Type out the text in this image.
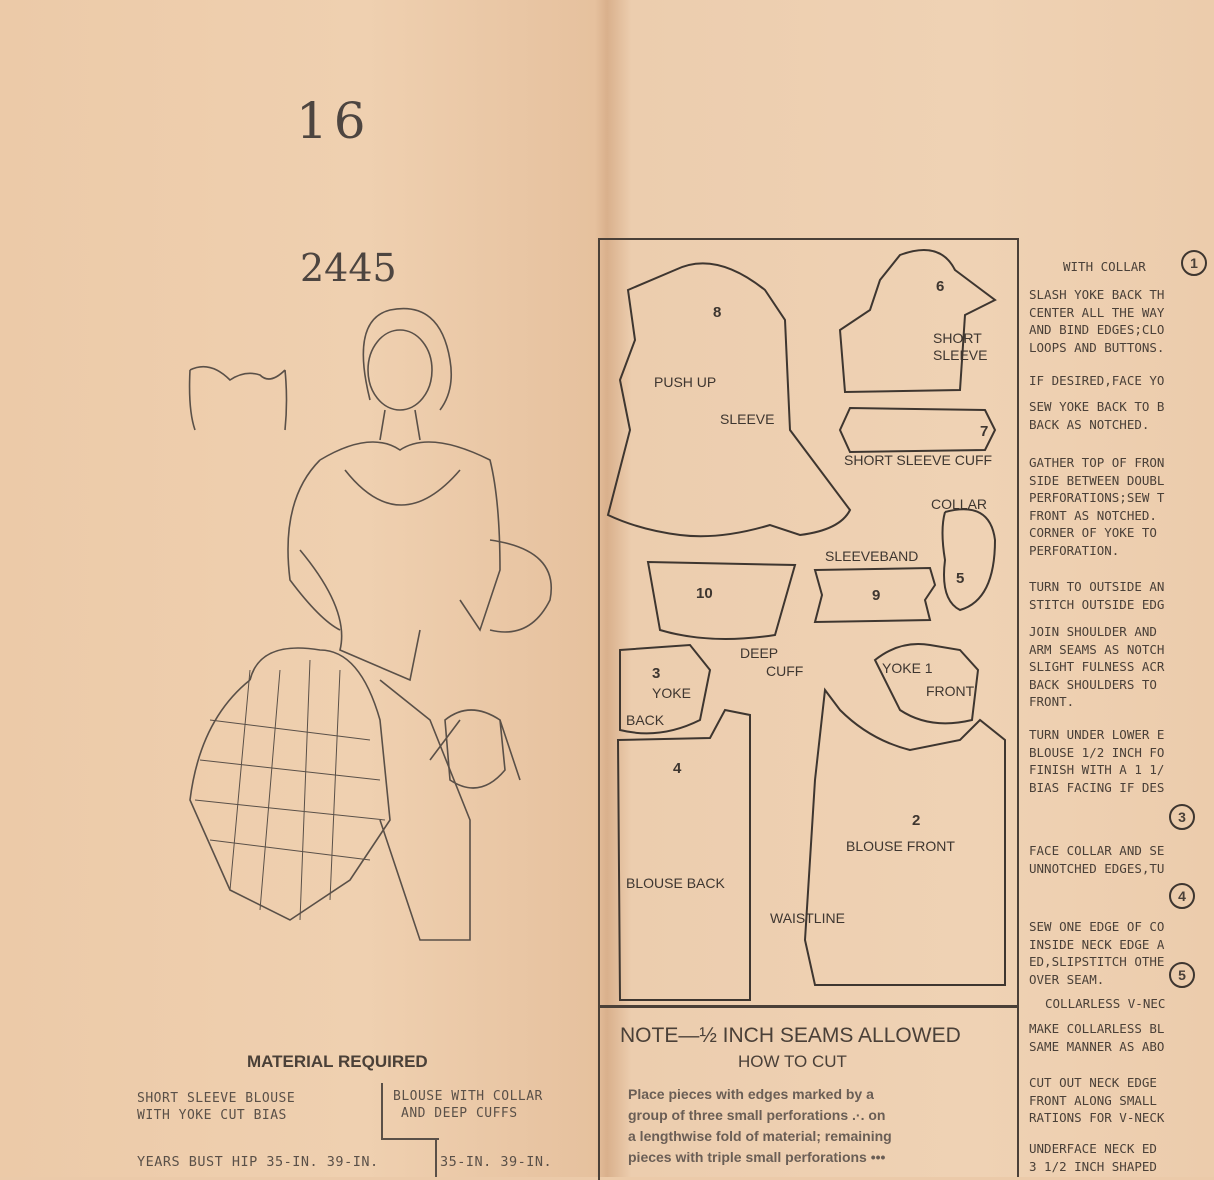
16
2445
MATERIAL REQUIRED
SHORT SLEEVE BLOUSE
WITH YOKE CUT BIAS
BLOUSE WITH COLLAR
AND DEEP CUFFS
YEARS BUST HIP 35-IN. 39-IN.	35-IN. 39-IN.
8
PUSH UP
SLEEVE
6
SHORT
SLEEVE
7
SHORT SLEEVE CUFF
COLLAR
5
SLEEVEBAND
9
10
DEEP
CUFF
3
YOKE
BACK
YOKE 1
FRONT
4
BLOUSE BACK
2
BLOUSE FRONT
WAISTLINE
NOTE—½ INCH SEAMS ALLOWED
HOW TO CUT
Place pieces with edges marked by a
group of three small perforations .·. on
a lengthwise fold of material; remaining
pieces with triple small perforations •••
WITH COLLAR	1
SLASH YOKE BACK TH
CENTER ALL THE WAY
AND BIND EDGES;CLO
LOOPS AND BUTTONS.
IF DESIRED,FACE YO
SEW YOKE BACK TO B
BACK AS NOTCHED.
GATHER TOP OF FRON
SIDE BETWEEN DOUBL
PERFORATIONS;SEW T
FRONT AS NOTCHED.
CORNER OF YOKE TO
PERFORATION.
TURN TO OUTSIDE AN
STITCH OUTSIDE EDG
JOIN SHOULDER AND
ARM SEAMS AS NOTCH
SLIGHT FULNESS ACR
BACK SHOULDERS TO
FRONT.
TURN UNDER LOWER E
BLOUSE 1/2 INCH FO
FINISH WITH A 1 1/
BIAS FACING IF DES
3
FACE COLLAR AND SE
UNNOTCHED EDGES,TU
4
SEW ONE EDGE OF CO
INSIDE NECK EDGE A
ED,SLIPSTITCH OTHE
OVER SEAM.	5
COLLARLESS V-NEC
MAKE COLLARLESS BL
SAME MANNER AS ABO
CUT OUT NECK EDGE
FRONT ALONG SMALL
RATIONS FOR V-NECK
UNDERFACE NECK ED
3 1/2 INCH SHAPED
